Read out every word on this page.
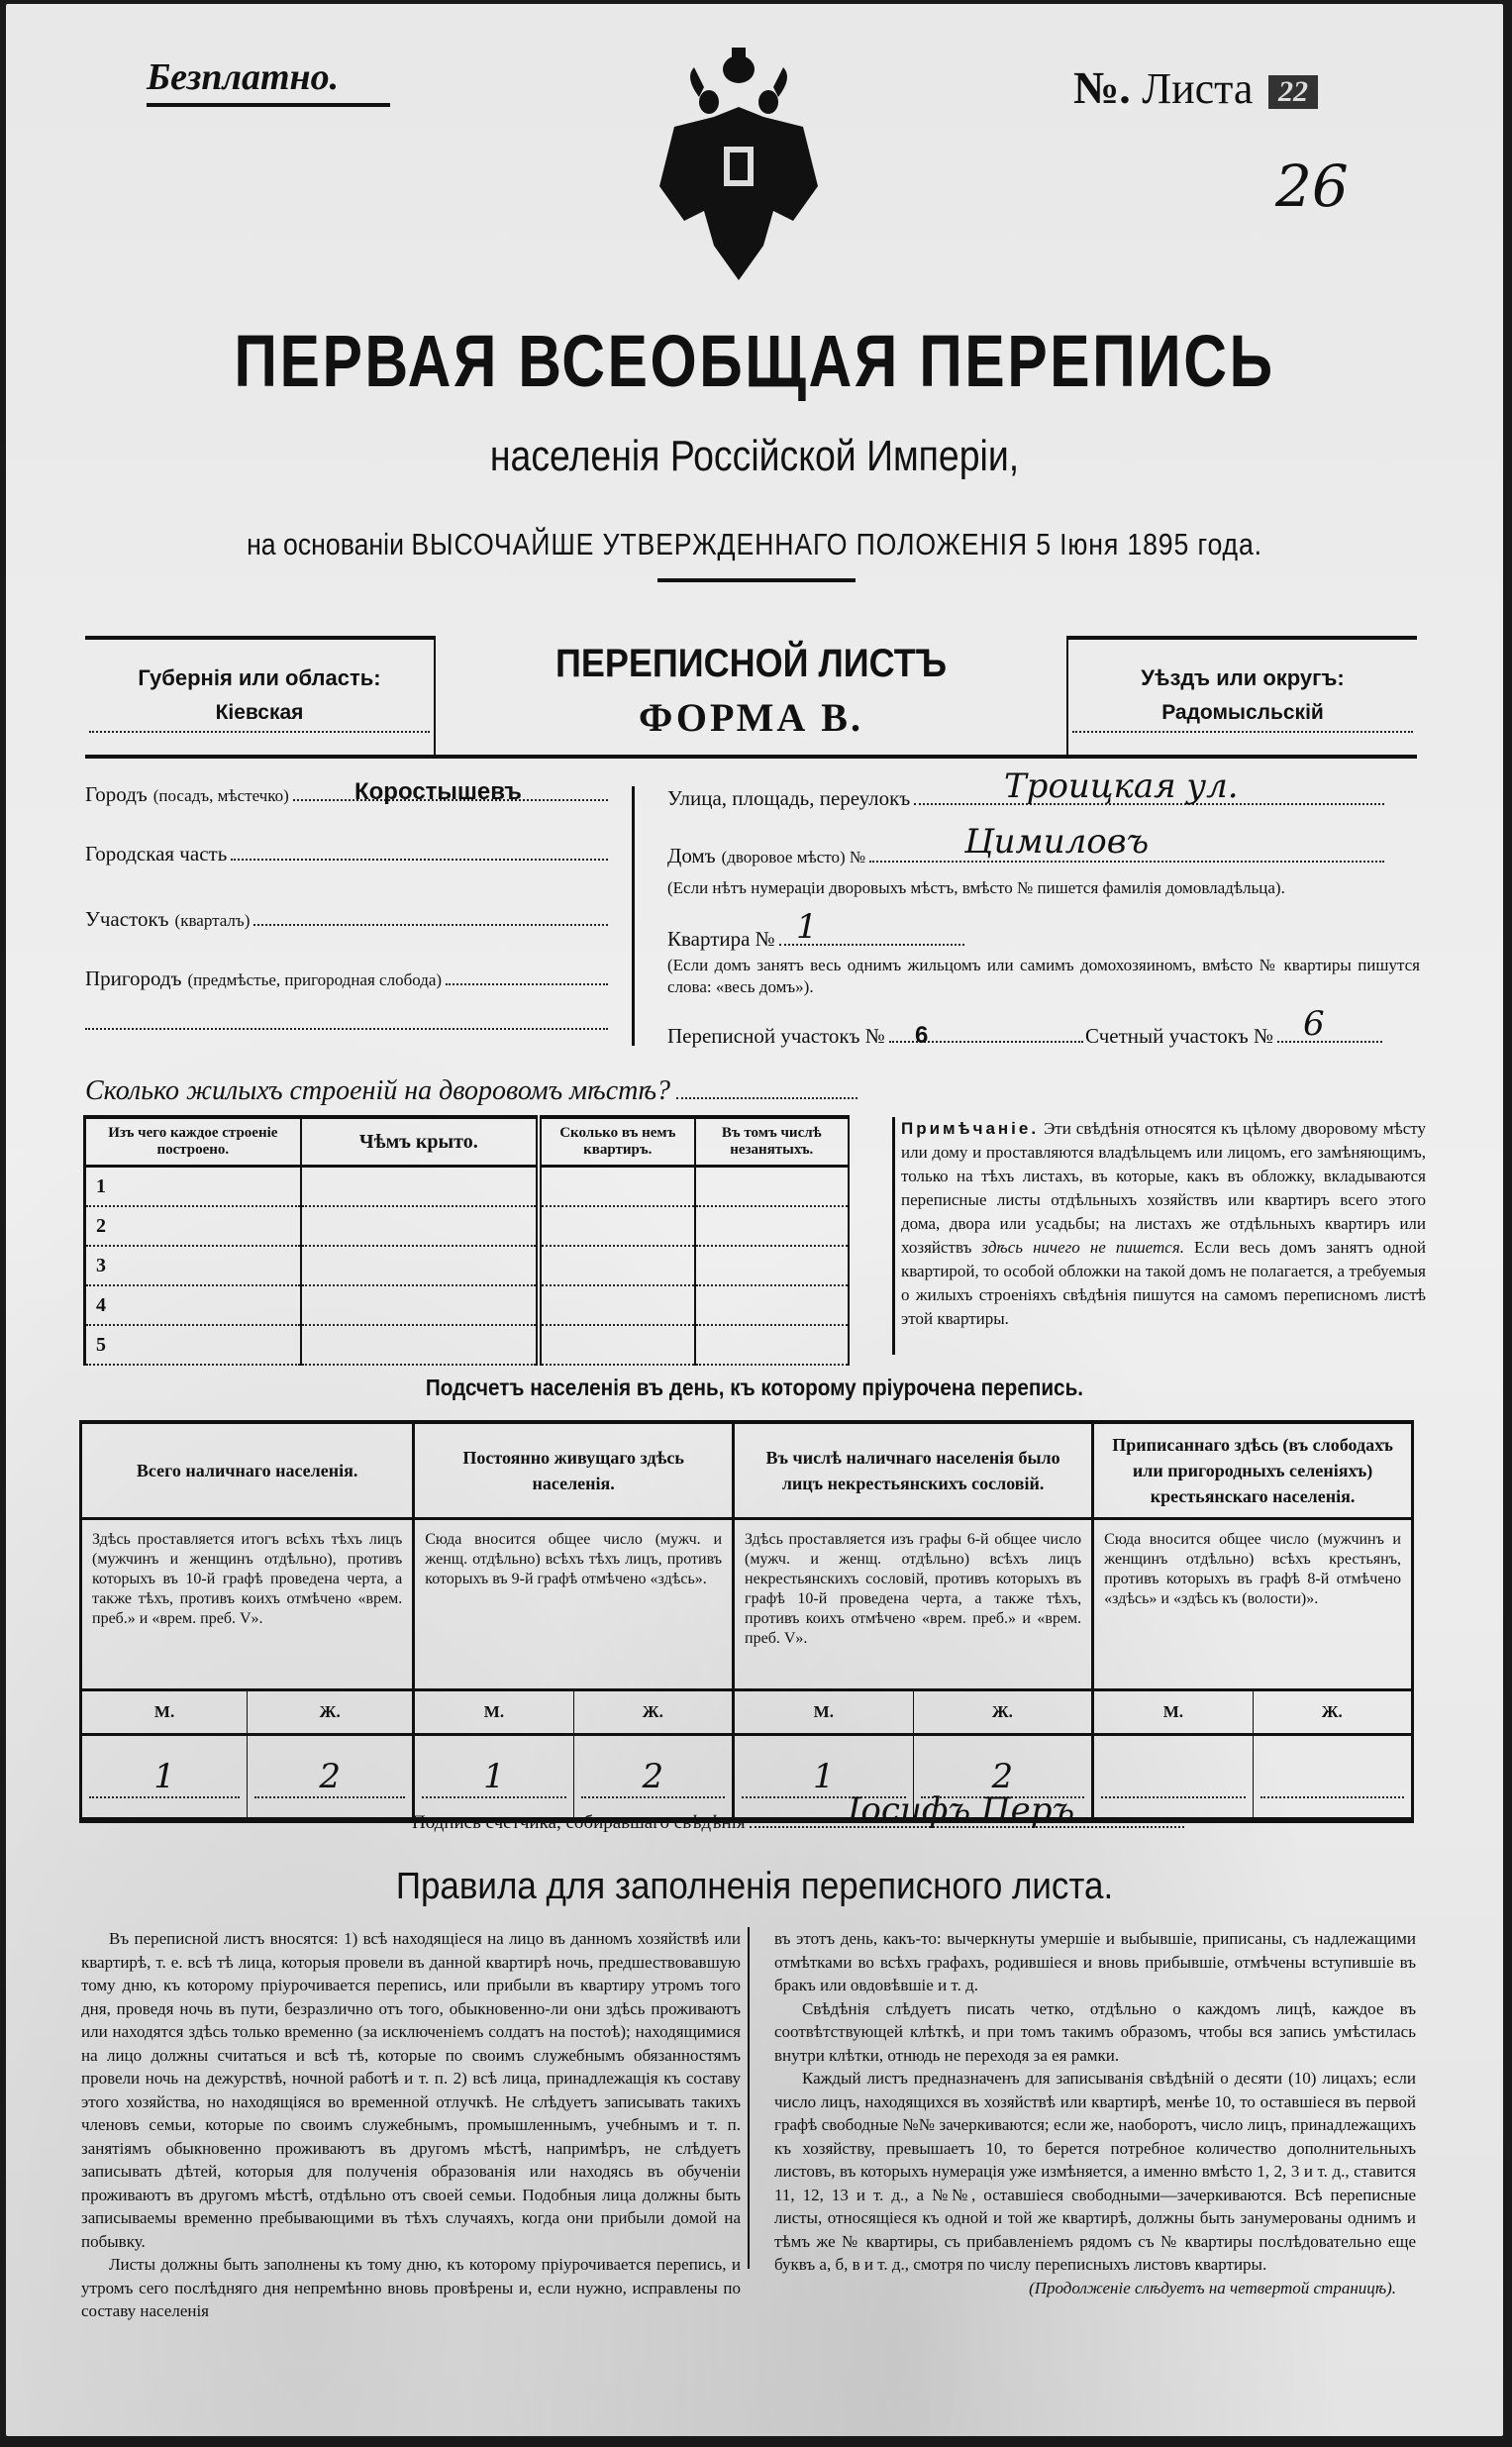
Безплатно.	№. Листа 22
26
ПЕРВАЯ ВСЕОБЩАЯ ПЕРЕПИСЬ
населенія Россійской Имперіи,
на основаніи ВЫСОЧАЙШЕ УТВЕРЖДЕННАГО ПОЛОЖЕНІЯ 5 Іюня 1895 года.
Губернія или область:
Кіевская
ПЕРЕПИСНОЙ ЛИСТЪ
ФОРМА В.
Уѣздъ или округъ:
Радомысльскій
Городъ (посадъ, мѣстечко)	Коростышевъ
Городская часть
Участокъ (кварталъ)
Пригородъ (предмѣстье, пригородная слобода)
Улица, площадь, переулокъ	Троицкая ул.
Домъ (дворовое мѣсто) №	Цимиловъ
(Если нѣтъ нумераціи дворовыхъ мѣстъ, вмѣсто № пишется фамилія домовладѣльца).
Квартира № 1
(Если домъ занятъ весь однимъ жильцомъ или самимъ домохозяиномъ, вмѣсто № квартиры пишутся слова: «весь домъ»).
Переписной участокъ № 6	Счетный участокъ № 6
Сколько жилыхъ строеній на дворовомъ мѣстѣ?
Изъ чего каждое строеніе построено.	Чѣмъ крыто.	Сколько въ немъ квартиръ.	Въ томъ числѣ незанятыхъ.
1			
2			
3			
4			
5			
Примѣчаніе. Эти свѣдѣнія относятся къ цѣлому дворовому мѣсту или дому и проставляются владѣльцемъ или лицомъ, его замѣняющимъ, только на тѣхъ листахъ, въ которые, какъ въ обложку, вкладываются переписные листы отдѣльныхъ хозяйствъ или квартиръ всего этого дома, двора или усадьбы; на листахъ же отдѣльныхъ квартиръ или хозяйствъ здѣсь ничего не пишется. Если весь домъ занятъ одной квартирой, то особой обложки на такой домъ не полагается, а требуемыя о жилыхъ строеніяхъ свѣдѣнія пишутся на самомъ переписномъ листѣ этой квартиры.
Подсчетъ населенія въ день, къ которому пріурочена перепись.
Всего наличнаго населенія.		Постоянно живущаго здѣсь населенія.		Въ числѣ наличнаго населенія было лицъ некрестьянскихъ сословій.		Приписаннаго здѣсь (въ слободахъ или пригородныхъ селеніяхъ) крестьянскаго населенія.	
Здѣсь проставляется итогъ всѣхъ тѣхъ лицъ (мужчинъ и женщинъ отдѣльно), противъ которыхъ въ 10-й графѣ проведена черта, а также тѣхъ, противъ коихъ отмѣчено «врем. преб.» и «врем. преб. V».		Сюда вносится общее число (мужч. и женщ. отдѣльно) всѣхъ тѣхъ лицъ, противъ которыхъ въ 9-й графѣ отмѣчено «здѣсь».		Здѣсь проставляется изъ графы 6-й общее число (мужч. и женщ. отдѣльно) всѣхъ лицъ некрестьянскихъ сословій, противъ которыхъ въ графѣ 10-й проведена черта, а также тѣхъ, противъ коихъ отмѣчено «врем. преб.» и «врем. преб. V».		Сюда вносится общее число (мужчинъ и женщинъ отдѣльно) всѣхъ крестьянъ, противъ которыхъ въ графѣ 8-й отмѣчено «здѣсь» и «здѣсь къ (волости)».	
М.	Ж.	М.	Ж.	М.	Ж.	М.	Ж.

1	2	1	2	1	2		

Подпись счетчика, собиравшаго свѣдѣнія	Іосифъ Перъ
Правила для заполненія переписного листа.

Въ переписной листъ вносятся: 1) всѣ находящіеся на лицо въ данномъ хозяйствѣ или квартирѣ, т. е. всѣ тѣ лица, которыя провели въ данной квартирѣ ночь, предшествовавшую тому дню, къ которому пріурочивается перепись, или прибыли въ квартиру утромъ того дня, проведя ночь въ пути, безразлично отъ того, обыкновенно-ли они здѣсь проживаютъ или находятся здѣсь только временно (за исключеніемъ солдатъ на постоѣ); находящимися на лицо должны считаться и всѣ тѣ, которые по своимъ служебнымъ обязанностямъ провели ночь на дежурствѣ, ночной работѣ и т. п. 2) всѣ лица, принадлежащія къ составу этого хозяйства, но находящіяся во временной отлучкѣ. Не слѣдуетъ записывать такихъ членовъ семьи, которые по своимъ служебнымъ, промышленнымъ, учебнымъ и т. п. занятіямъ обыкновенно проживаютъ въ другомъ мѣстѣ, напримѣръ, не слѣдуетъ записывать дѣтей, которыя для полученія образованія или находясь въ обученіи проживаютъ въ другомъ мѣстѣ, отдѣльно отъ своей семьи. Подобныя лица должны быть записываемы временно пребывающими въ тѣхъ случаяхъ, когда они прибыли домой на побывку.

Листы должны быть заполнены къ тому дню, къ которому пріурочивается перепись, и утромъ сего послѣдняго дня непремѣнно вновь провѣрены и, если нужно, исправлены по составу населенія

въ этотъ день, какъ-то: вычеркнуты умершіе и выбывшіе, приписаны, съ надлежащими отмѣтками во всѣхъ графахъ, родившіеся и вновь прибывшіе, отмѣчены вступившіе въ бракъ или овдовѣвшіе и т. д.

Свѣдѣнія слѣдуетъ писать четко, отдѣльно о каждомъ лицѣ, каждое въ соотвѣтствующей клѣткѣ, и при томъ такимъ образомъ, чтобы вся запись умѣстилась внутри клѣтки, отнюдь не переходя за ея рамки.

Каждый листъ предназначенъ для записыванія свѣдѣній о десяти (10) лицахъ; если число лицъ, находящихся въ хозяйствѣ или квартирѣ, менѣе 10, то оставшіеся въ первой графѣ свободные №№ зачеркиваются; если же, наоборотъ, число лицъ, принадлежащихъ къ хозяйству, превышаетъ 10, то берется потребное количество дополнительныхъ листовъ, въ которыхъ нумерація уже измѣняется, а именно вмѣсто 1, 2, 3 и т. д., ставится 11, 12, 13 и т. д., а №№, оставшіеся свободными—зачеркиваются. Всѣ переписные листы, относящіеся къ одной и той же квартирѣ, должны быть занумерованы однимъ и тѣмъ же № квартиры, съ прибавленіемъ рядомъ съ № квартиры послѣдовательно еще буквъ а, б, в и т. д., смотря по числу переписныхъ листовъ квартиры.

(Продолженіе слѣдуетъ на четвертой страницѣ).
